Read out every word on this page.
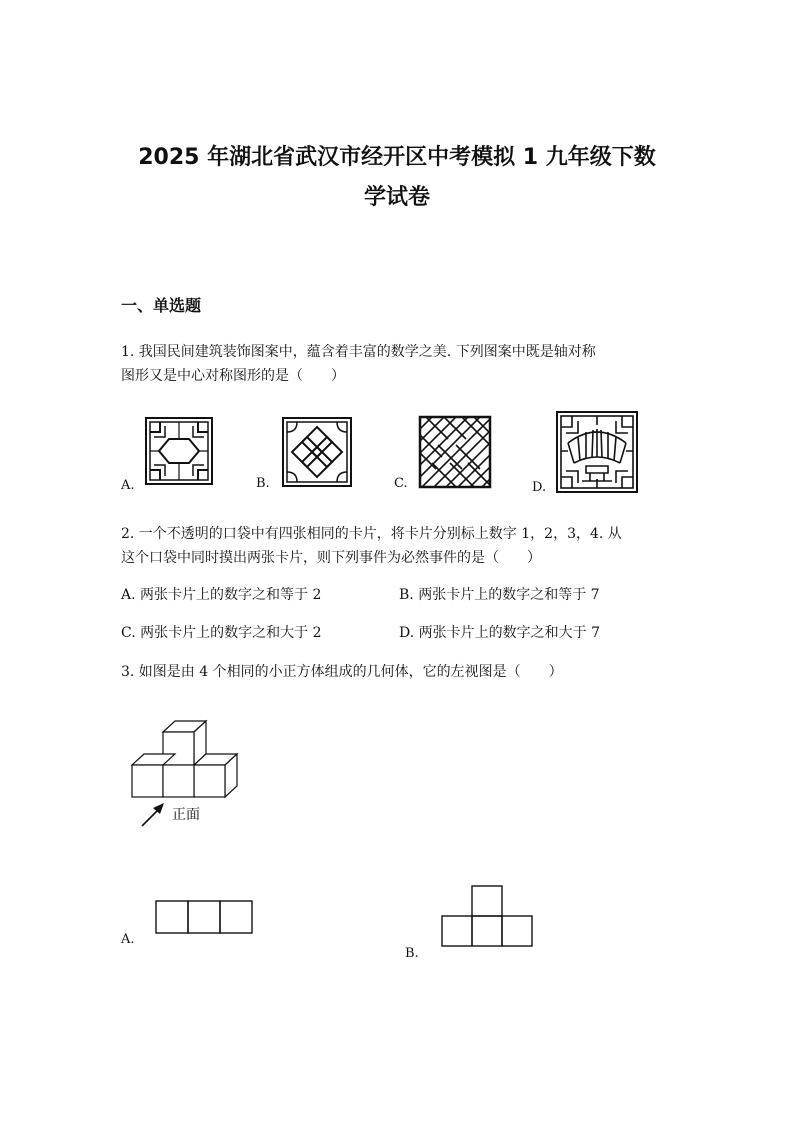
2025 年湖北省武汉市经开区中考模拟 1 九年级下数
学试卷
一、单选题
1. 我国民间建筑装饰图案中，蕴含着丰富的数学之美. 下列图案中既是轴对称
图形又是中心对称图形的是（　　）
A.	B.	C.	D.
2. 一个不透明的口袋中有四张相同的卡片，将卡片分别标上数字 1，2，3，4. 从
这个口袋中同时摸出两张卡片，则下列事件为必然事件的是（　　）
A. 两张卡片上的数字之和等于 2	B. 两张卡片上的数字之和等于 7
C. 两张卡片上的数字之和大于 2	D. 两张卡片上的数字之和大于 7
3. 如图是由 4 个相同的小正方体组成的几何体，它的左视图是（　　）
正面
A.
B.
